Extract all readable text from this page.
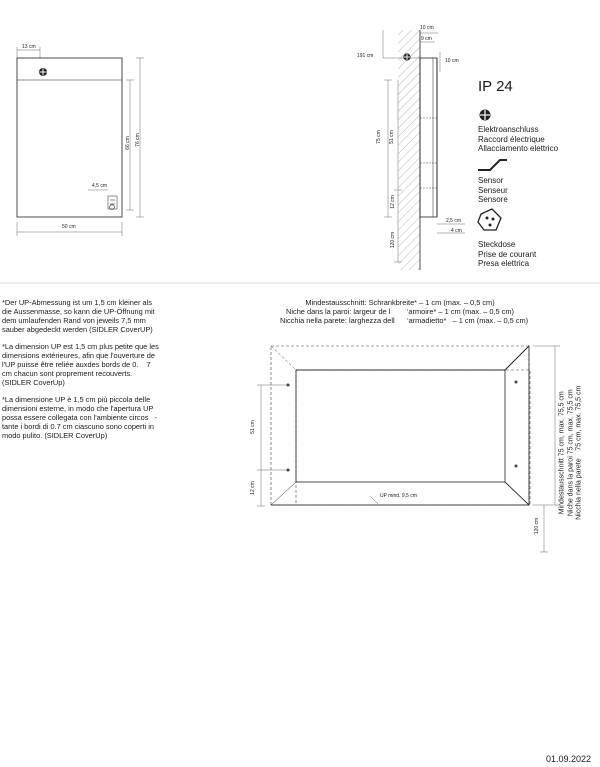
13 cm
66 cm 76 cm
4,5 cm
50 cm
10 cm
9 cm
10 cm
191 cm
75 cm 51 cm
12 cm
120 cm
2,5 cm
4 cm
IP 24
Elektroanschluss
Raccord électrique
Allacciamento elettrico
Sensor
Senseur
Sensore
Steckdose
Prise de courant
Presa elettrica

*Der UP-Abmessung ist um 1,5 cm kleiner als die Aussenmasse, so kann die UP-Öffnung mit dem umlaufenden Rand von jeweils 7,5 mm sauber abgedeckt werden (SIDLER CoverUP)

*La dimension UP est 1,5 cm plus petite que les dimensions extérieures, afin que l'ouverture de l'UP puisse être reliée auxdes bords de 0. 7 cm chacun sont proprement recouverts. (SIDLER CoverUp)

*La dimensione UP è 1,5 cm più piccola delle dimensioni esterne, in modo che l'apertura UP possa essere collegata con l'ambiente circos - tante i bordi di 0.7 cm ciascuno sono coperti in modo pulito. (SIDLER CoverUp)

Mindestausschnitt: Schrankbreite* – 1 cm (max. – 0,5 cm)
Niche dans la paroi: largeur de l        ‘armoire* – 1 cm (max. – 0,5 cm)
Nicchia nella parete: larghezza dell      ‘armadietto*   – 1 cm (max. – 0,5 cm)
51 cm
12 cm
120 cm
UP mind. 9,5 cm	Mindestausschnitt 75 cm, max. 75,5 cm Niche dans la paroi 75 cm, max. 75,5 cm Nicchia nella parete    75 cm, max. 75,5 cm
01.09.2022
